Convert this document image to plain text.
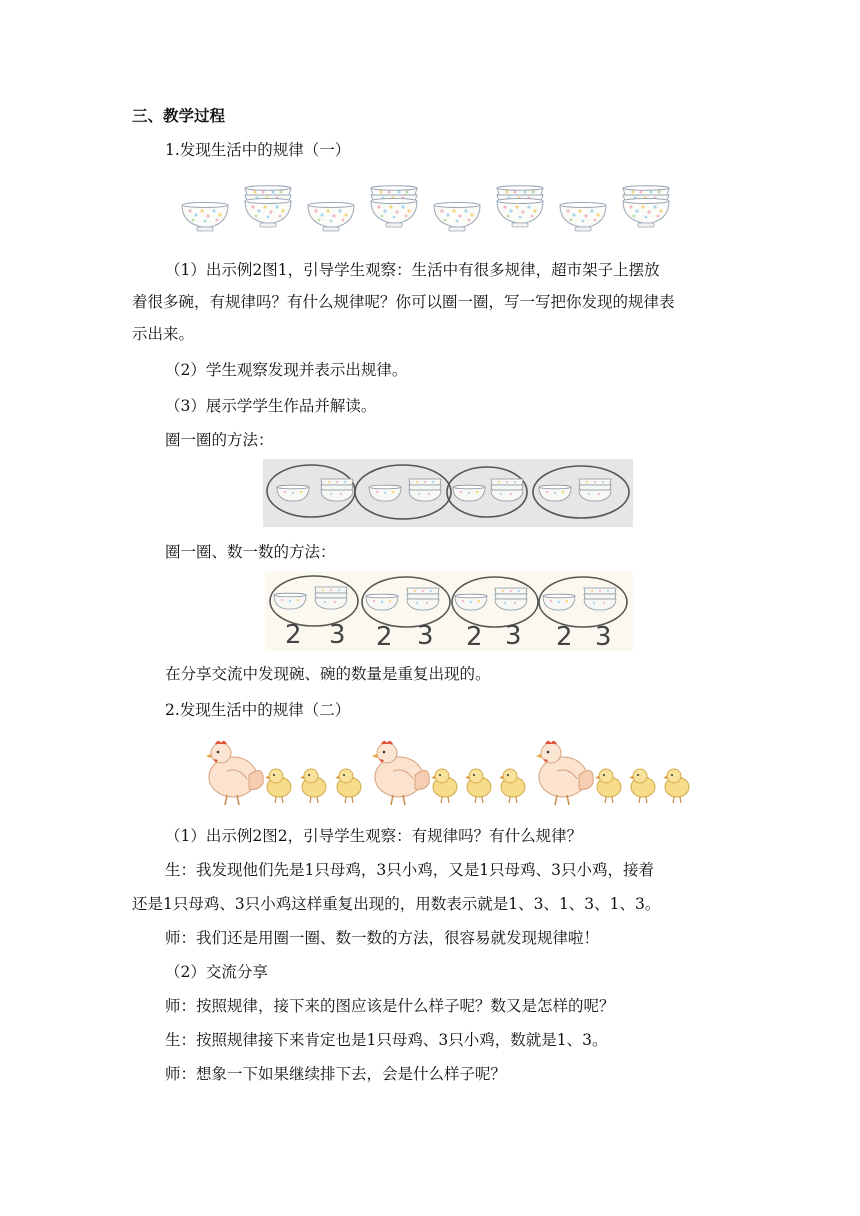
三、教学过程
1.发现生活中的规律（一）
（1）出示例2图1，引导学生观察：生活中有很多规律，超市架子上摆放
着很多碗，有规律吗？有什么规律呢？你可以圈一圈，写一写把你发现的规律表
示出来。
（2）学生观察发现并表示出规律。
（3）展示学学生作品并解读。
圈一圈的方法：
圈一圈、数一数的方法：
2 3 2 3 2 3 2 3
在分享交流中发现碗、碗的数量是重复出现的。
2.发现生活中的规律（二）
（1）出示例2图2，引导学生观察：有规律吗？有什么规律？
生：我发现他们先是1只母鸡，3只小鸡，又是1只母鸡、3只小鸡，接着
还是1只母鸡、3只小鸡这样重复出现的，用数表示就是1、3、1、3、1、3。
师：我们还是用圈一圈、数一数的方法，很容易就发现规律啦！
（2）交流分享
师：按照规律，接下来的图应该是什么样子呢？数又是怎样的呢？
生：按照规律接下来肯定也是1只母鸡、3只小鸡，数就是1、3。
师：想象一下如果继续排下去，会是什么样子呢？
